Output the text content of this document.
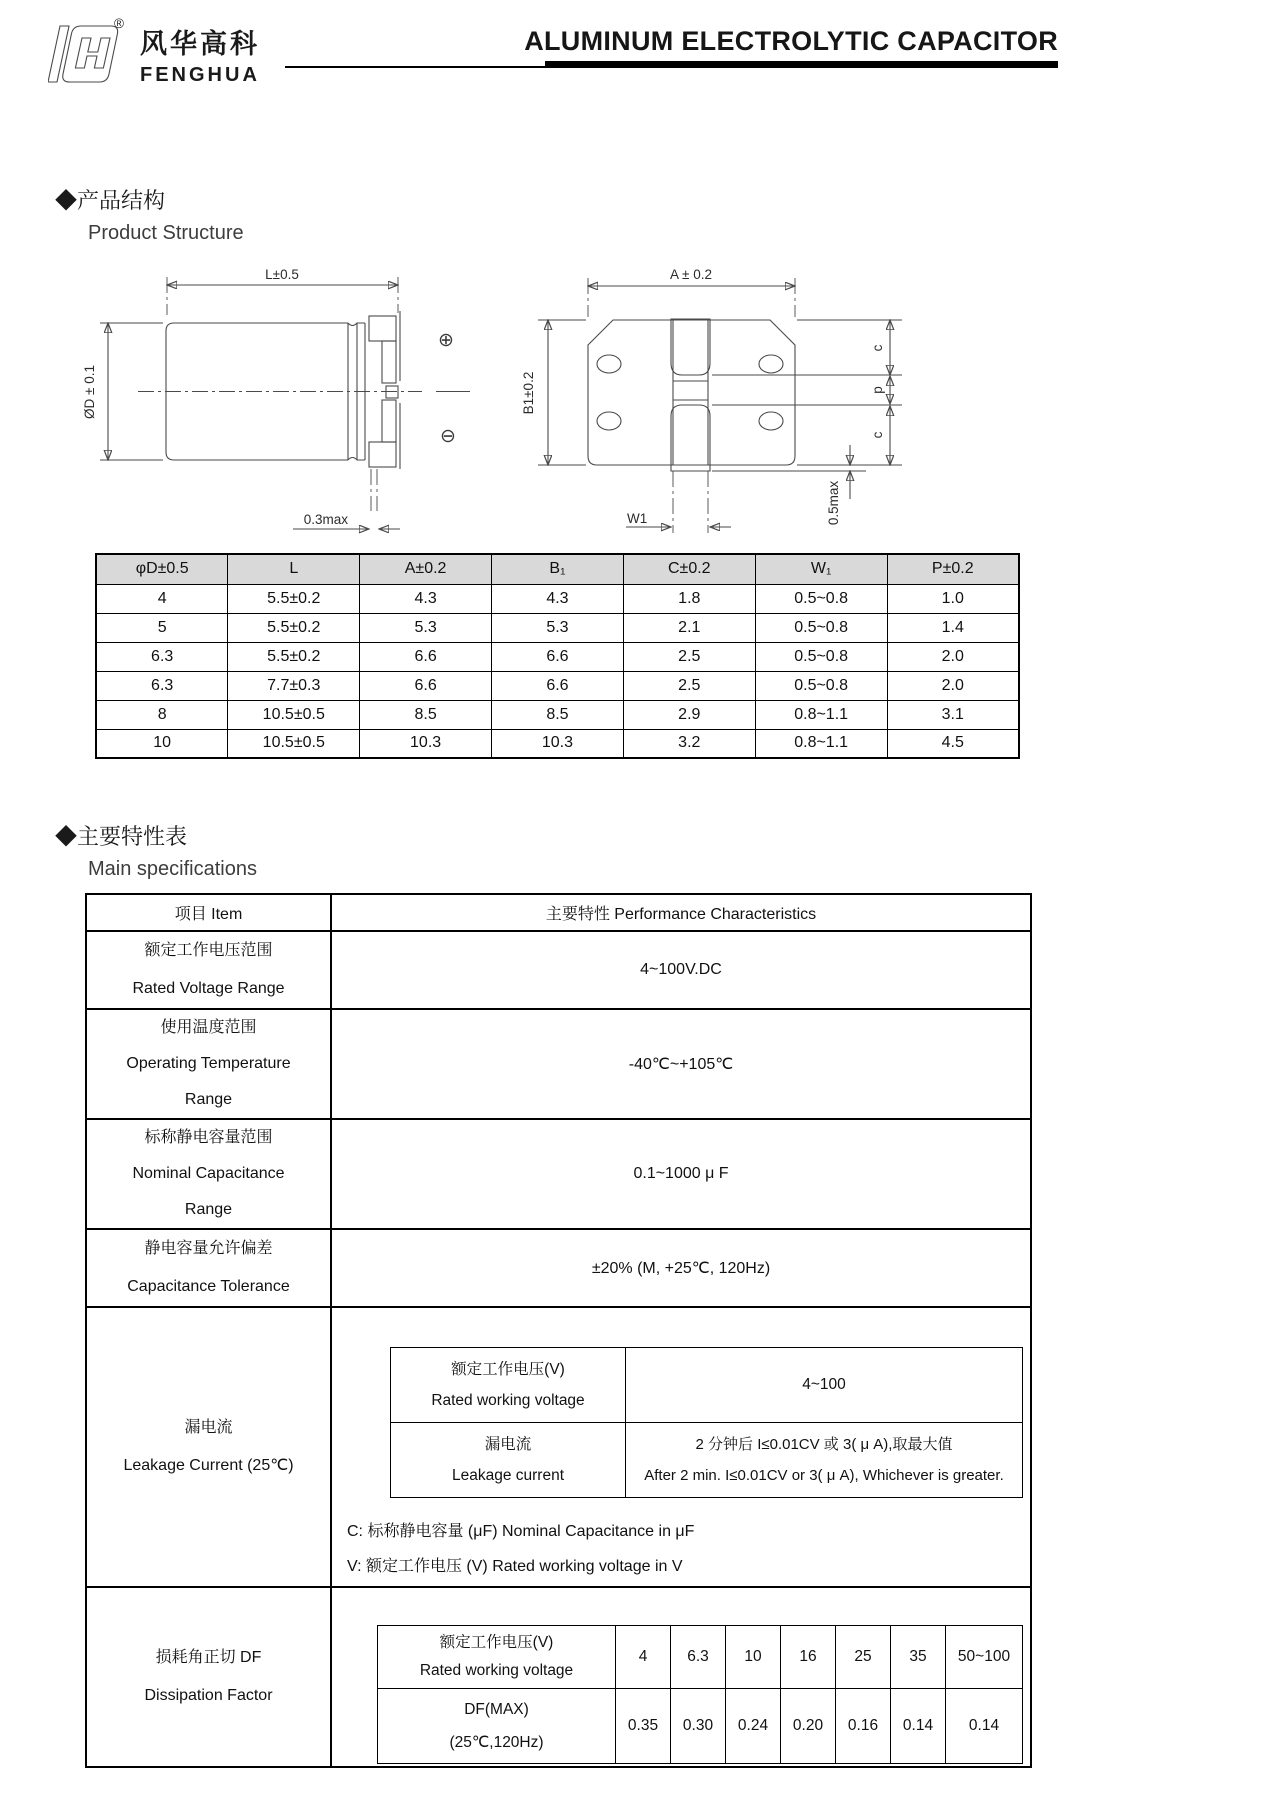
®
风华高科
FENGHUA
ALUMINUM ELECTROLYTIC CAPACITOR
◆产品结构
Product Structure
L±0.5
ØD ± 0.1
0.3max
⊕
⊖
A ± 0.2
B1±0.2
c
p
c
W1	0.5max
φD±0.5	L	A±0.2	B₁	C±0.2	W₁	P±0.2
4	5.5±0.2	4.3	4.3	1.8	0.5~0.8	1.0
5	5.5±0.2	5.3	5.3	2.1	0.5~0.8	1.4
6.3	5.5±0.2	6.6	6.6	2.5	0.5~0.8	2.0
6.3	7.7±0.3	6.6	6.6	2.5	0.5~0.8	2.0
8	10.5±0.5	8.5	8.5	2.9	0.8~1.1	3.1
10	10.5±0.5	10.3	10.3	3.2	0.8~1.1	4.5
◆主要特性表
Main specifications
项目 Item	主要特性 Performance Characteristics

额定工作电压范围
Rated Voltage Range
	4~100V.DC

使用温度范围
Operating Temperature
Range
	-40℃~+105℃

标称静电容量范围
Nominal Capacitance
Range
	0.1~1000 μ F

静电容量允许偏差
Capacitance Tolerance
	±20% (M, +25℃, 120Hz)

漏电流
Leakage Current (25℃)

额定工作电压(V)
Rated working voltage
	4~100

漏电流
Leakage current

2 分钟后 I≤0.01CV 或 3( μ A),取最大值
After 2 min. I≤0.01CV or 3( μ A), Whichever is greater.
C: 标称静电容量 (μF) Nominal Capacitance in μF
V: 额定工作电压 (V) Rated working voltage in V

损耗角正切 DF
Dissipation Factor

额定工作电压(V)
Rated working voltage
	4	6.3	10	16	25	35	50~100

DF(MAX)
(25℃,120Hz)
	0.35	0.30	0.24	0.20	0.16	0.14	0.14
